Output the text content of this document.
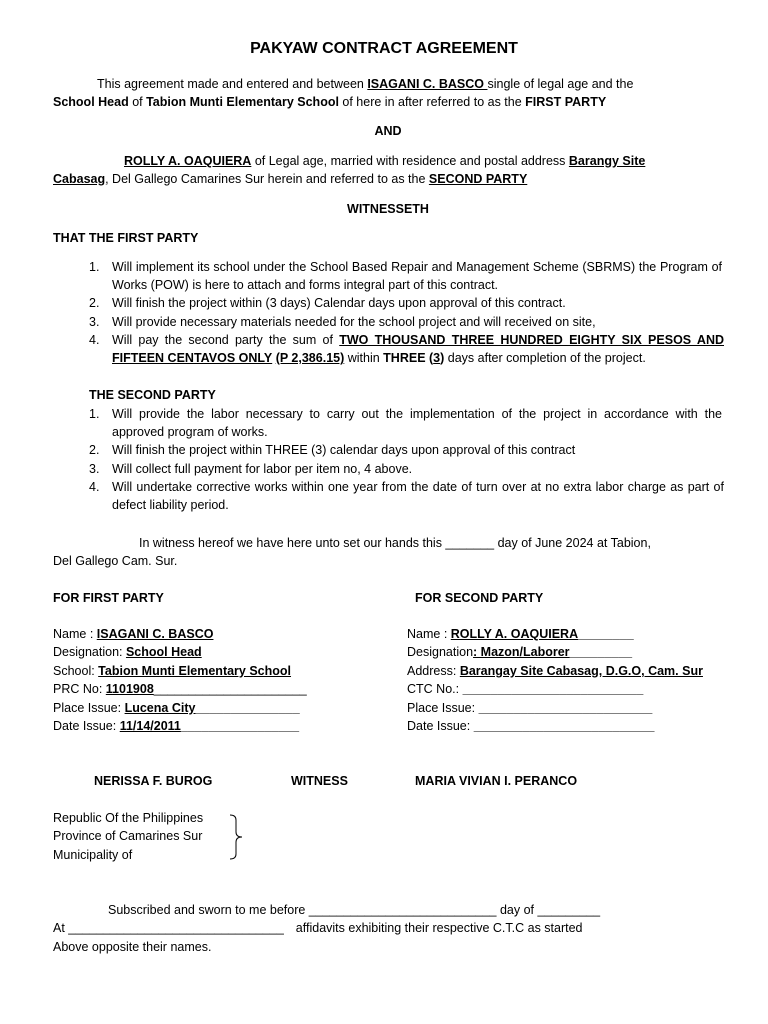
PAKYAW CONTRACT AGREEMENT
This agreement made and entered and between ISAGANI C. BASCO single of legal age and the
School Head of Tabion Munti Elementary School of here in after referred to as the FIRST PARTY
AND
ROLLY A. OAQUIERA of Legal age, married with residence and postal address Barangy Site
Cabasag, Del Gallego Camarines Sur herein and referred to as the SECOND PARTY
WITNESSETH
THAT THE FIRST PARTY
1. Will implement its school under the School Based Repair and Management Scheme (SBRMS) the Program of Works (POW) is here to attach and forms integral part of this contract.
2. Will finish the project within (3 days) Calendar days upon approval of this contract.
3. Will provide necessary materials needed for the school project and will received on site,
4. Will pay the second party the sum of TWO THOUSAND THREE HUNDRED EIGHTY SIX PESOS AND FIFTEEN CENTAVOS ONLY (P 2,386.15) within THREE (3) days after completion of the project.
THE SECOND PARTY
1. Will provide the labor necessary to carry out the implementation of the project in accordance with the approved program of works.
2. Will finish the project within THREE (3) calendar days upon approval of this contract
3. Will collect full payment for labor per item no, 4 above.
4. Will undertake corrective works within one year from the date of turn over at no extra labor charge as part of defect liability period.
In witness hereof we have here unto set our hands this _______ day of June 2024 at Tabion,
Del Gallego Cam. Sur.
FOR FIRST PARTY	FOR SECOND PARTY
Name : ISAGANI C. BASCO
Designation: School Head
School: Tabion Munti Elementary School
PRC No: 1101908______________________
Place Issue: Lucena City_______________
Date Issue: 11/14/2011_________________
Name : ROLLY A. OAQUIERA________
Designation: Mazon/Laborer_________
Address: Barangay Site Cabasag, D.G.O, Cam. Sur
CTC No.: __________________________
Place Issue: _________________________
Date Issue: __________________________
NERISSA F. BUROG	WITNESS	MARIA VIVIAN I. PERANCO
Republic Of the Philippines
Province of Camarines Sur
Municipality of
Subscribed and sworn to me before ___________________________ day of _________
At _______________________________ affidavits exhibiting their respective C.T.C as started
Above opposite their names.
